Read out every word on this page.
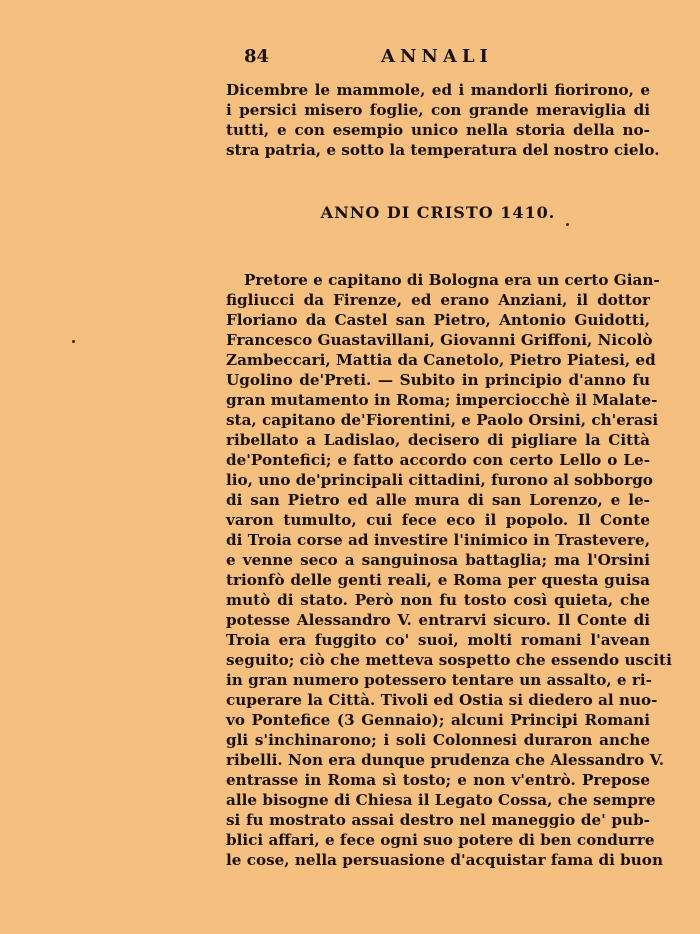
84	ANNALI
Dicembre le mammole, ed i mandorli fiorirono, e
i persici misero foglie, con grande meraviglia di
tutti, e con esempio unico nella storia della no-
stra patria, e sotto la temperatura del nostro cielo.
ANNO DI CRISTO 1410.
Pretore e capitano di Bologna era un certo Gian-
figliucci da Firenze, ed erano Anziani, il dottor
Floriano da Castel san Pietro, Antonio Guidotti,
Francesco Guastavillani, Giovanni Griffoni, Nicolò
Zambeccari, Mattia da Canetolo, Pietro Piatesi, ed
Ugolino de'Preti. — Subito in principio d'anno fu
gran mutamento in Roma; imperciocchè il Malate-
sta, capitano de'Fiorentini, e Paolo Orsini, ch'erasi
ribellato a Ladislao, decisero di pigliare la Città
de'Pontefici; e fatto accordo con certo Lello o Le-
lio, uno de'principali cittadini, furono al sobborgo
di san Pietro ed alle mura di san Lorenzo, e le-
varon tumulto, cui fece eco il popolo. Il Conte
di Troia corse ad investire l'inimico in Trastevere,
e venne seco a sanguinosa battaglia; ma l'Orsini
trionfò delle genti reali, e Roma per questa guisa
mutò di stato. Però non fu tosto così quieta, che
potesse Alessandro V. entrarvi sicuro. Il Conte di
Troia era fuggito co' suoi, molti romani l'avean
seguito; ciò che metteva sospetto che essendo usciti
in gran numero potessero tentare un assalto, e ri-
cuperare la Città. Tivoli ed Ostia si diedero al nuo-
vo Pontefice (3 Gennaio); alcuni Principi Romani
gli s'inchinarono; i soli Colonnesi duraron anche
ribelli. Non era dunque prudenza che Alessandro V.
entrasse in Roma sì tosto; e non v'entrò. Prepose
alle bisogne di Chiesa il Legato Cossa, che sempre
si fu mostrato assai destro nel maneggio de' pub-
blici affari, e fece ogni suo potere di ben condurre
le cose, nella persuasione d'acquistar fama di buon
